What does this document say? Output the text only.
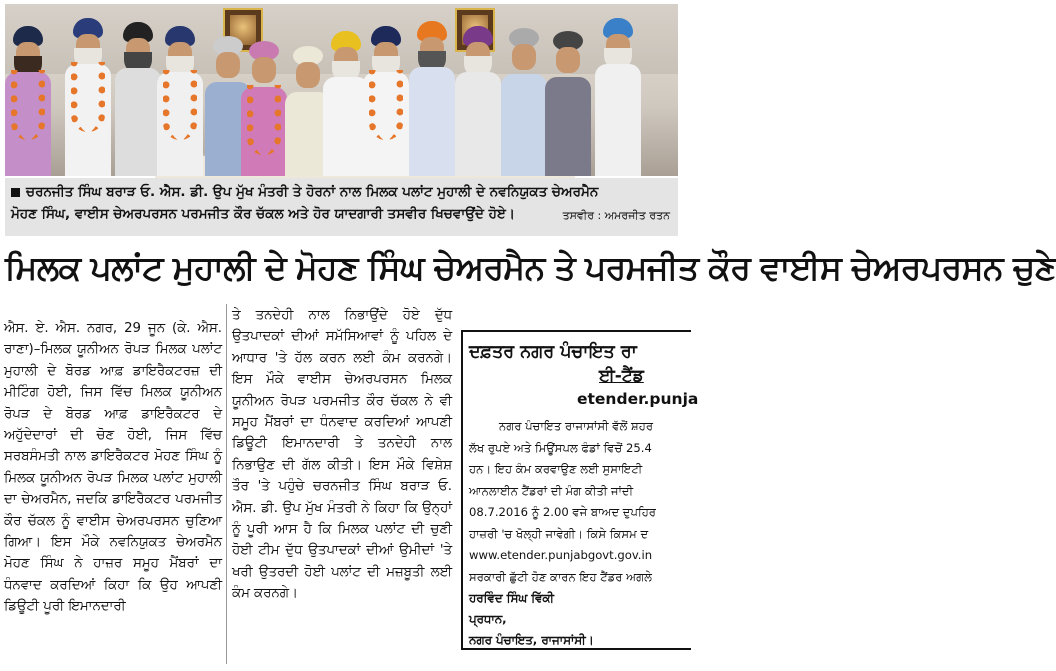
ਚਰਨਜੀਤ ਸਿੰਘ ਬਰਾੜ ਓ. ਐਸ. ਡੀ. ਉਪ ਮੁੱਖ ਮੰਤਰੀ ਤੇ ਹੋਰਨਾਂ ਨਾਲ ਮਿਲਕ ਪਲਾਂਟ ਮੁਹਾਲੀ ਦੇ ਨਵਨਿਯੁਕਤ ਚੇਅਰਮੈਨ
ਮੋਹਣ ਸਿੰਘ, ਵਾਈਸ ਚੇਅਰਪਰਸਨ ਪਰਮਜੀਤ ਕੌਰ ਚੱਕਲ ਅਤੇ ਹੋਰ ਯਾਦਗਾਰੀ ਤਸਵੀਰ ਖਿਚਵਾਉਂਦੇ ਹੋਏ।	ਤਸਵੀਰ : ਅਮਰਜੀਤ ਰਤਨ
ਮਿਲਕ ਪਲਾਂਟ ਮੁਹਾਲੀ ਦੇ ਮੋਹਣ ਸਿੰਘ ਚੇਅਰਮੈਨ ਤੇ ਪਰਮਜੀਤ ਕੌਰ ਵਾਈਸ ਚੇਅਰਪਰਸਨ ਚੁਣੇ
ਐਸ. ਏ. ਐਸ. ਨਗਰ, 29 ਜੂਨ (ਕੇ. ਐਸ. ਰਾਣਾ)–ਮਿਲਕ ਯੂਨੀਅਨ ਰੋਪੜ ਮਿਲਕ ਪਲਾਂਟ ਮੁਹਾਲੀ ਦੇ ਬੋਰਡ ਆਫ਼ ਡਾਇਰੈਕਟਰਜ਼ ਦੀ ਮੀਟਿੰਗ ਹੋਈ, ਜਿਸ ਵਿੱਚ ਮਿਲਕ ਯੂਨੀਅਨ ਰੋਪੜ ਦੇ ਬੋਰਡ ਆਫ਼ ਡਾਇਰੈਕਟਰ ਦੇ ਅਹੁੱਦੇਦਾਰਾਂ ਦੀ ਚੋਣ ਹੋਈ, ਜਿਸ ਵਿੱਚ ਸਰਬਸੰਮਤੀ ਨਾਲ ਡਾਇਰੈਕਟਰ ਮੋਹਣ ਸਿੰਘ ਨੂੰ ਮਿਲਕ ਯੂਨੀਅਨ ਰੋਪੜ ਮਿਲਕ ਪਲਾਂਟ ਮੁਹਾਲੀ ਦਾ ਚੇਅਰਮੈਨ, ਜਦਕਿ ਡਾਇਰੈਕਟਰ ਪਰਮਜੀਤ ਕੌਰ ਚੱਕਲ ਨੂੰ ਵਾਈਸ ਚੇਅਰਪਰਸਨ ਚੁਣਿਆ ਗਿਆ। ਇਸ ਮੌਕੇ ਨਵਨਿਯੁਕਤ ਚੇਅਰਮੈਨ ਮੋਹਣ ਸਿੰਘ ਨੇ ਹਾਜ਼ਰ ਸਮੂਹ ਮੈਂਬਰਾਂ ਦਾ ਧੰਨਵਾਦ ਕਰਦਿਆਂ ਕਿਹਾ ਕਿ ਉਹ ਆਪਣੀ ਡਿਊਟੀ ਪੂਰੀ ਇਮਾਨਦਾਰੀ
ਤੇ ਤਨਦੇਹੀ ਨਾਲ ਨਿਭਾਉਂਦੇ ਹੋਏ ਦੁੱਧ ਉਤਪਾਦਕਾਂ ਦੀਆਂ ਸਮੱਸਿਆਵਾਂ ਨੂੰ ਪਹਿਲ ਦੇ ਆਧਾਰ 'ਤੇ ਹੱਲ ਕਰਨ ਲਈ ਕੰਮ ਕਰਨਗੇ। ਇਸ ਮੌਕੇ ਵਾਈਸ ਚੇਅਰਪਰਸਨ ਮਿਲਕ ਯੂਨੀਅਨ ਰੋਪੜ ਪਰਮਜੀਤ ਕੌਰ ਚੱਕਲ ਨੇ ਵੀ ਸਮੂਹ ਮੈਂਬਰਾਂ ਦਾ ਧੰਨਵਾਦ ਕਰਦਿਆਂ ਆਪਣੀ ਡਿਊਟੀ ਇਮਾਨਦਾਰੀ ਤੇ ਤਨਦੇਹੀ ਨਾਲ ਨਿਭਾਉਣ ਦੀ ਗੱਲ ਕੀਤੀ। ਇਸ ਮੌਕੇ ਵਿਸ਼ੇਸ਼ ਤੌਰ 'ਤੇ ਪਹੁੰਚੇ ਚਰਨਜੀਤ ਸਿੰਘ ਬਰਾੜ ਓ. ਐਸ. ਡੀ. ਉਪ ਮੁੱਖ ਮੰਤਰੀ ਨੇ ਕਿਹਾ ਕਿ ਉਨ੍ਹਾਂ ਨੂੰ ਪੂਰੀ ਆਸ ਹੈ ਕਿ ਮਿਲਕ ਪਲਾਂਟ ਦੀ ਚੁਣੀ ਹੋਈ ਟੀਮ ਦੁੱਧ ਉਤਪਾਦਕਾਂ ਦੀਆਂ ਉਮੀਦਾਂ 'ਤੇ ਖਰੀ ਉਤਰਦੀ ਹੋਈ ਪਲਾਂਟ ਦੀ ਮਜ਼ਬੂਤੀ ਲਈ ਕੰਮ ਕਰਨਗੇ।
ਦਫ਼ਤਰ ਨਗਰ ਪੰਚਾਇਤ ਰਾ
ਈ-ਟੈਂਡ
etender.punja
ਨਗਰ ਪੰਚਾਇਤ ਰਾਜਾਸਾਂਸੀ ਵੱਲੋਂ ਸ਼ਹਰ
ਲੱਖ ਰੁਪਏ ਅਤੇ ਮਿਊਂਸਪਲ ਫੰਡਾਂ ਵਿਚੋਂ 25.4
ਹਨ। ਇਹ ਕੰਮ ਕਰਵਾਉਣ ਲਈ ਸੁਸਾਇਟੀ
ਆਨਲਾਈਨ ਟੈਂਡਰਾਂ ਦੀ ਮੰਗ ਕੀਤੀ ਜਾਂਦੀ
08.7.2016 ਨੂੰ 2.00 ਵਜੇ ਬਾਅਦ ਦੁਪਹਿਰ
ਹਾਜ਼ਰੀ 'ਚ ਖੋਲ੍ਹੀ ਜਾਵੇਗੀ। ਕਿਸੇ ਕਿਸਮ ਦ
www.etender.punjabgovt.gov.in
ਸਰਕਾਰੀ ਛੁੱਟੀ ਹੋਣ ਕਾਰਨ ਇਹ ਟੈਂਡਰ ਅਗਲੇ
ਹਰਵਿੰਦ ਸਿੰਘ ਵਿੱਕੀ
ਪ੍ਰਧਾਨ,
ਨਗਰ ਪੰਚਾਇਤ, ਰਾਜਾਸਾਂਸੀ।
